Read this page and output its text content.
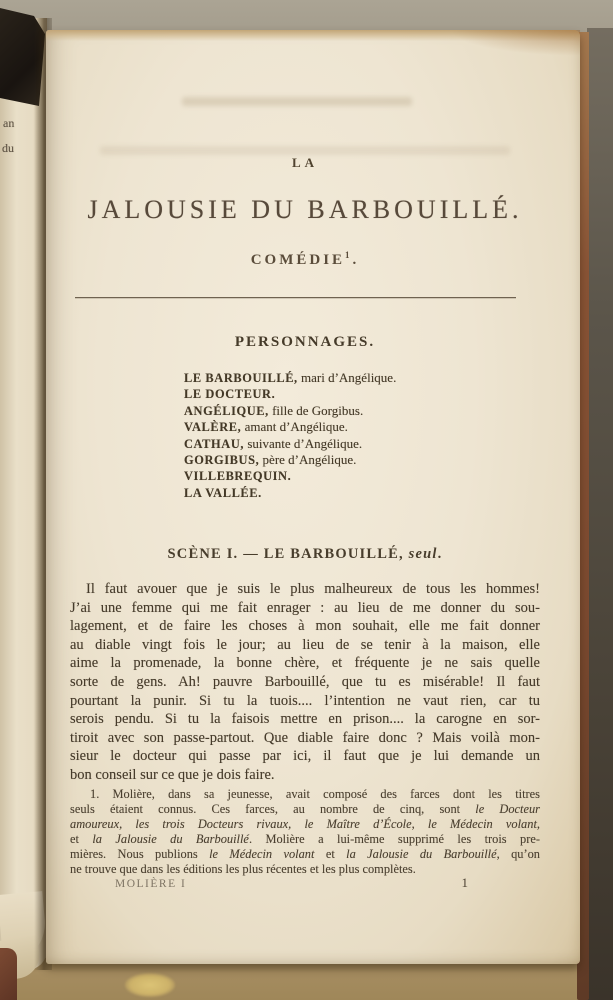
an
du
LA
JALOUSIE DU BARBOUILLÉ.
COMÉDIE$^1$.
PERSONNAGES.
LE BARBOUILLÉ, mari d’Angélique.
LE DOCTEUR.
ANGÉLIQUE, fille de Gorgibus.
VALÈRE, amant d’Angélique.
CATHAU, suivante d’Angélique.
GORGIBUS, père d’Angélique.
VILLEBREQUIN.
LA VALLÉE.
SCÈNE I. — LE BARBOUILLÉ, seul.
Il faut avouer que je suis le plus malheureux de tous les hommes!
J’ai une femme qui me fait enrager : au lieu de me donner du sou-
lagement, et de faire les choses à mon souhait, elle me fait donner
au diable vingt fois le jour; au lieu de se tenir à la maison, elle
aime la promenade, la bonne chère, et fréquente je ne sais quelle
sorte de gens. Ah! pauvre Barbouillé, que tu es misérable! Il faut
pourtant la punir. Si tu la tuois.... l’intention ne vaut rien, car tu
serois pendu. Si tu la faisois mettre en prison.... la carogne en sor-
tiroit avec son passe-partout. Que diable faire donc ? Mais voilà mon-
sieur le docteur qui passe par ici, il faut que je lui demande un
bon conseil sur ce que je dois faire.
1. Molière, dans sa jeunesse, avait composé des farces dont les titres
seuls étaient connus. Ces farces, au nombre de cinq, sont le Docteur
amoureux, les trois Docteurs rivaux, le Maître d’École, le Médecin volant,
et la Jalousie du Barbouillé. Molière a lui-même supprimé les trois pre-
mières. Nous publions le Médecin volant et la Jalousie du Barbouillé, qu’on
ne trouve que dans les éditions les plus récentes et les plus complètes.
MOLIÈRE I	1
